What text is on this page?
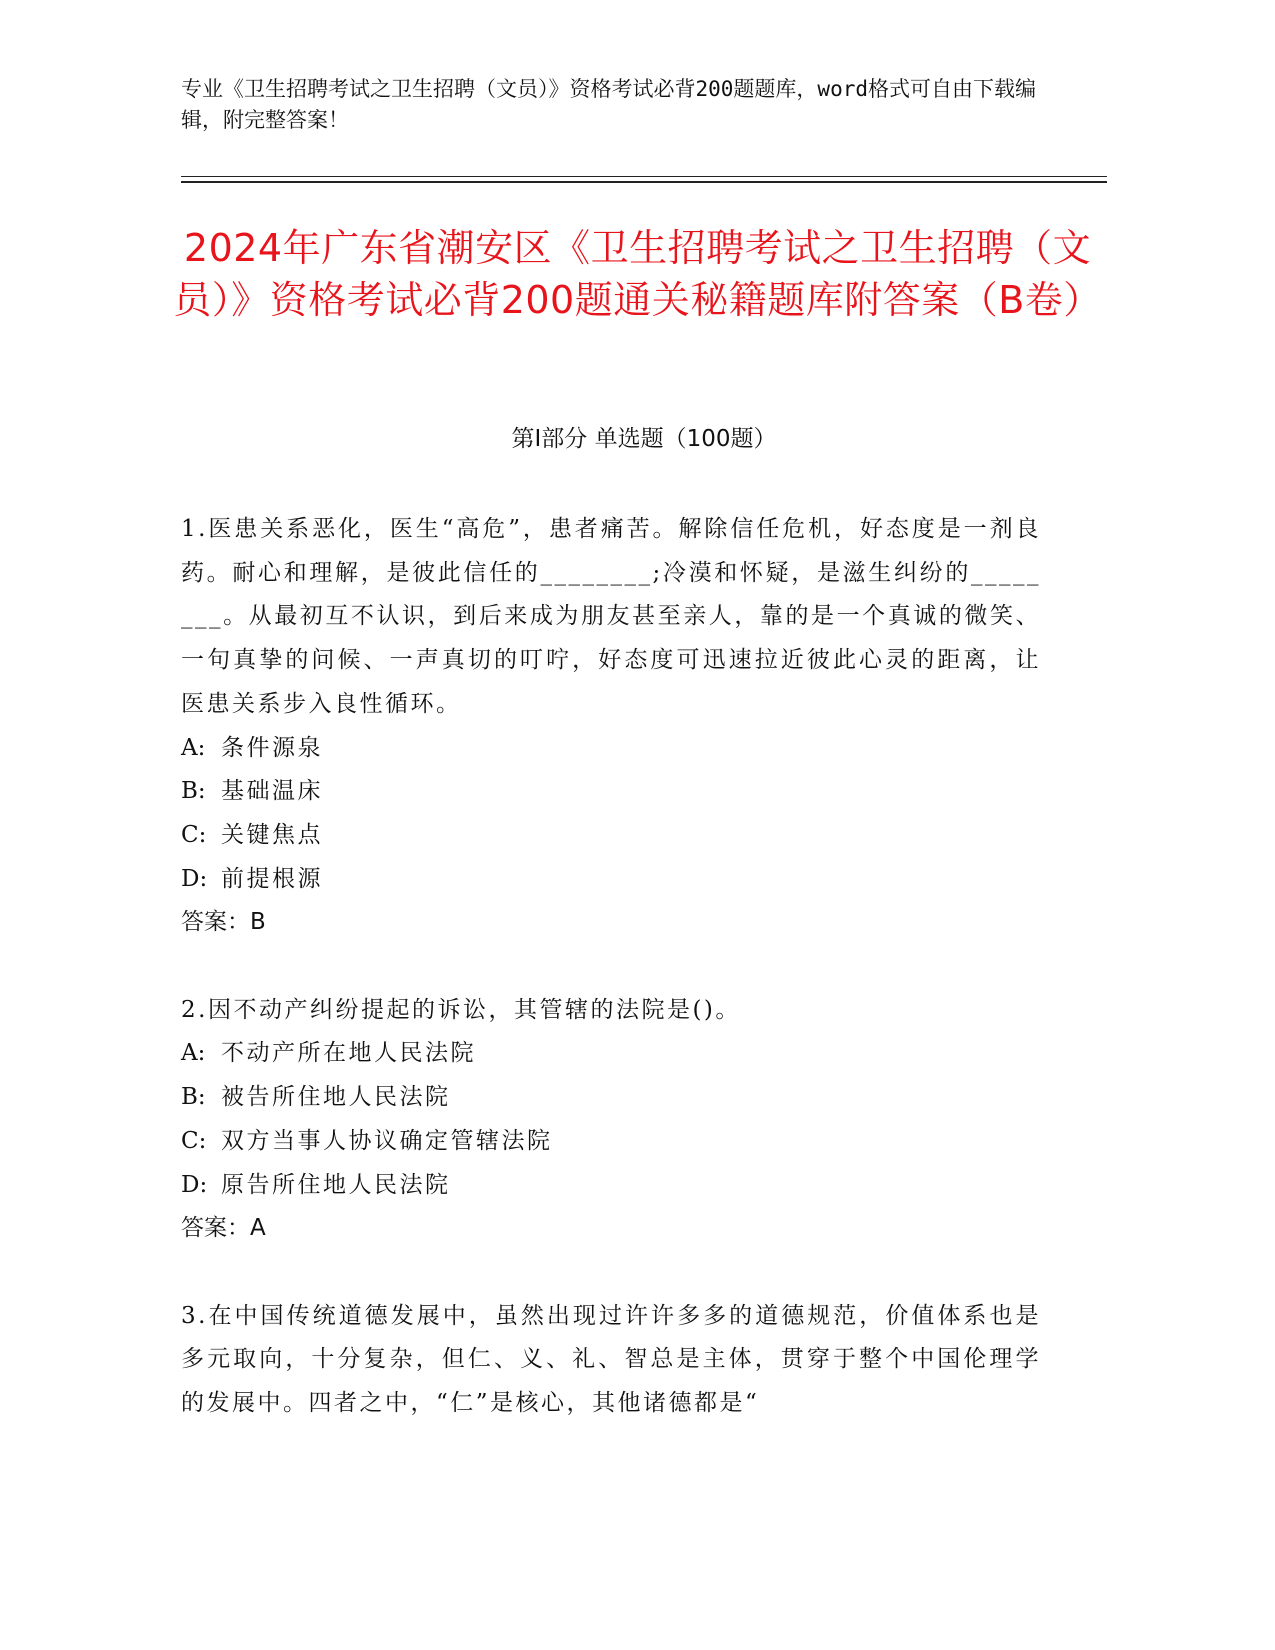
专业《卫生招聘考试之卫生招聘（文员）》资格考试必背200题题库，word格式可自由下载编辑，附完整答案！
2024年广东省潮安区《卫生招聘考试之卫生招聘（文员）》资格考试必背200题通关秘籍题库附答案（B卷）
第Ⅰ部分 单选题（100题）
1.医患关系恶化，医生“高危”，患者痛苦。解除信任危机，好态度是一剂良药。耐心和理解，是彼此信任的________;冷漠和怀疑，是滋生纠纷的________。从最初互不认识，到后来成为朋友甚至亲人，靠的是一个真诚的微笑、一句真挚的问候、一声真切的叮咛，好态度可迅速拉近彼此心灵的距离，让医患关系步入良性循环。
A: 条件源泉
B: 基础温床
C: 关键焦点
D: 前提根源
答案：B
2.因不动产纠纷提起的诉讼，其管辖的法院是()。
A: 不动产所在地人民法院
B: 被告所住地人民法院
C: 双方当事人协议确定管辖法院
D: 原告所住地人民法院
答案：A
3.在中国传统道德发展中，虽然出现过许许多多的道德规范，价值体系也是多元取向，十分复杂，但仁、义、礼、智总是主体，贯穿于整个中国伦理学的发展中。四者之中，“仁”是核心，其他诸德都是“
